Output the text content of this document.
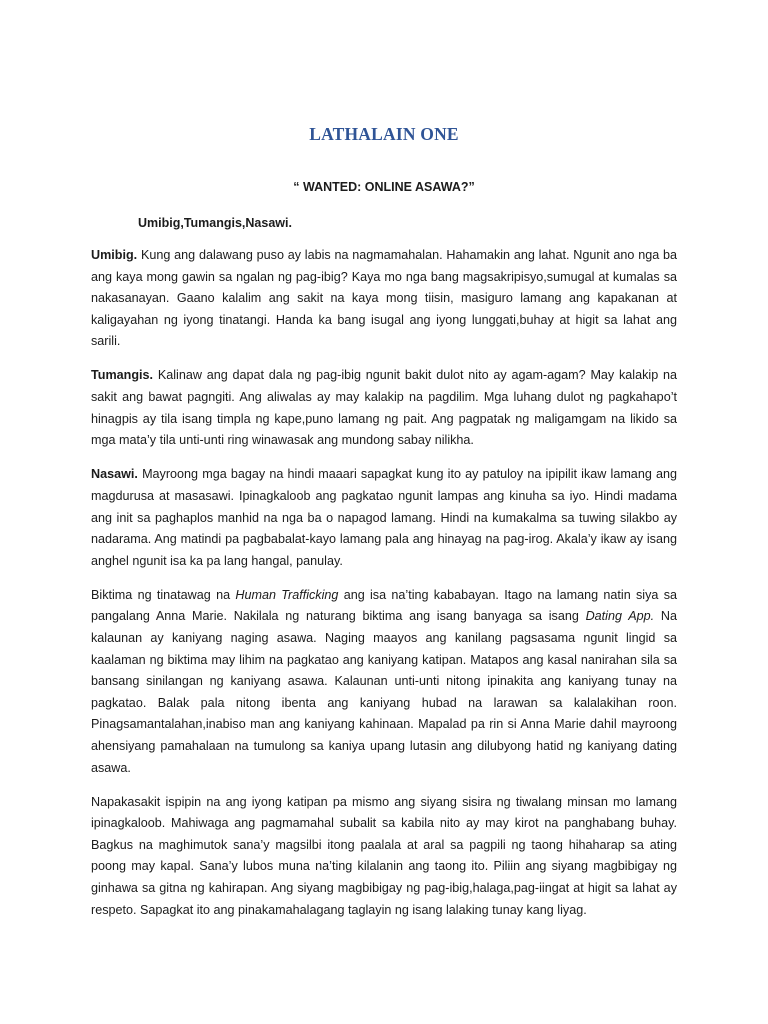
LATHALAIN ONE
“ WANTED: ONLINE ASAWA?”
Umibig,Tumangis,Nasawi.

Umibig. Kung ang dalawang puso ay labis na nagmamahalan. Hahamakin ang lahat. Ngunit ano nga ba ang kaya mong gawin sa ngalan ng pag-ibig? Kaya mo nga bang magsakripisyo,sumugal at kumalas sa nakasanayan. Gaano kalalim ang sakit na kaya mong tiisin, masiguro lamang ang kapakanan at kaligayahan ng iyong tinatangi. Handa ka bang isugal ang iyong lunggati,buhay at higit sa lahat ang sarili.

Tumangis. Kalinaw ang dapat dala ng pag-ibig ngunit bakit dulot nito ay agam-agam? May kalakip na sakit ang bawat pagngiti. Ang aliwalas ay may kalakip na pagdilim. Mga luhang dulot ng pagkahapo’t hinagpis ay tila isang timpla ng kape,puno lamang ng pait. Ang pagpatak ng maligamgam na likido sa mga mata’y tila unti-unti ring winawasak ang mundong sabay nilikha.

Nasawi. Mayroong mga bagay na hindi maaari sapagkat kung ito ay patuloy na ipipilit ikaw lamang ang magdurusa at masasawi. Ipinagkaloob ang pagkatao ngunit lampas ang kinuha sa iyo. Hindi madama ang init sa paghaplos manhid na nga ba o napagod lamang. Hindi na kumakalma sa tuwing silakbo ay nadarama. Ang matindi pa pagbabalat-kayo lamang pala ang hinayag na pag-irog. Akala’y ikaw ay isang anghel ngunit isa ka pa lang hangal, panulay.

Biktima ng tinatawag na Human Trafficking ang isa na’ting kababayan. Itago na lamang natin siya sa pangalang Anna Marie. Nakilala ng naturang biktima ang isang banyaga sa isang Dating App. Na kalaunan ay kaniyang naging asawa. Naging maayos ang kanilang pagsasama ngunit lingid sa kaalaman ng biktima may lihim na pagkatao ang kaniyang katipan. Matapos ang kasal nanirahan sila sa bansang sinilangan ng kaniyang asawa. Kalaunan unti-unti nitong ipinakita ang kaniyang tunay na pagkatao. Balak pala nitong ibenta ang kaniyang hubad na larawan sa kalalakihan roon. Pinagsamantalahan,inabiso man ang kaniyang kahinaan. Mapalad pa rin si Anna Marie dahil mayroong ahensiyang pamahalaan na tumulong sa kaniya upang lutasin ang dilubyong hatid ng kaniyang dating asawa.

Napakasakit ispipin na ang iyong katipan pa mismo ang siyang sisira ng tiwalang minsan mo lamang ipinagkaloob. Mahiwaga ang pagmamahal subalit sa kabila nito ay may kirot na panghabang buhay. Bagkus na maghimutok sana’y magsilbi itong paalala at aral sa pagpili ng taong hihaharap sa ating poong may kapal. Sana’y lubos muna na’ting kilalanin ang taong ito. Piliin ang siyang magbibigay ng ginhawa sa gitna ng kahirapan. Ang siyang magbibigay ng pag-ibig,halaga,pag-iingat at higit sa lahat ay respeto. Sapagkat ito ang pinakamahalagang taglayin ng isang lalaking tunay kang liyag.
